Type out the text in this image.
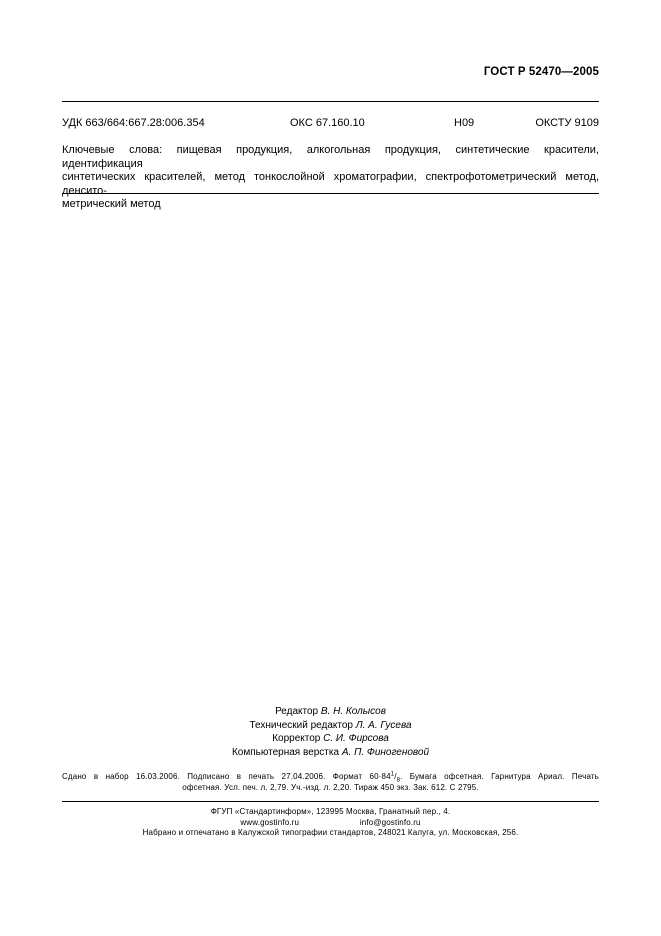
ГОСТ Р 52470—2005
УДК 663/664:667.28:006.354	ОКС 67.160.10	Н09	ОКСТУ 9109
Ключевые слова: пищевая продукция, алкогольная продукция, синтетические красители, идентификация
синтетических красителей, метод тонкослойной хроматографии, спектрофотометрический метод, денсито-
метрический метод
Редактор В. Н. Колысов
Технический редактор Л. А. Гусева
Корректор С. И. Фирсова
Компьютерная верстка А. П. Финогеновой
Сдано в набор 16.03.2006. Подписано в печать 27.04.2006. Формат $60\cdot 84^1/_8$. Бумага офсетная. Гарнитура Ариал. Печать
офсетная. Усл. печ. л. 2,79. Уч.-изд. л. 2,20. Тираж 450 экз. Зак. 612. С 2795.
ФГУП «Стандартинформ», 123995 Москва, Гранатный пер., 4.
www.gostinfo.ru	info@gostinfo.ru
Набрано и отпечатано в Калужской типографии стандартов, 248021 Калуга, ул. Московская, 256.
